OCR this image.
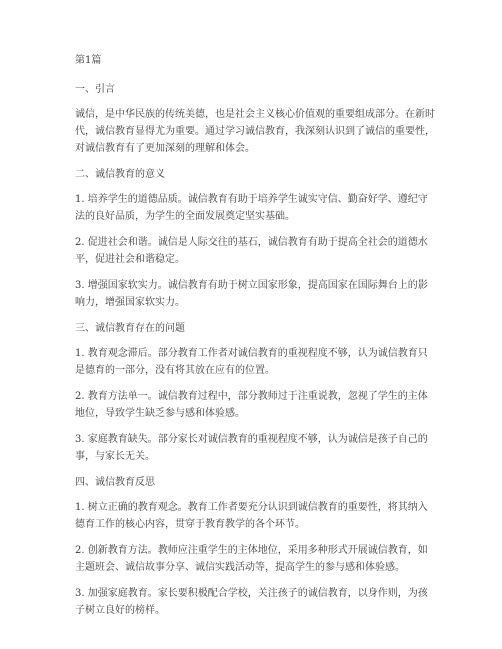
第1篇
一、引言
诚信，是中华民族的传统美德，也是社会主义核心价值观的重要组成部分。在新时
代，诚信教育显得尤为重要。通过学习诚信教育，我深刻认识到了诚信的重要性，
对诚信教育有了更加深刻的理解和体会。
二、诚信教育的意义
1. 培养学生的道德品质。诚信教育有助于培养学生诚实守信、勤奋好学、遵纪守
法的良好品质，为学生的全面发展奠定坚实基础。
2. 促进社会和谐。诚信是人际交往的基石，诚信教育有助于提高全社会的道德水
平，促进社会和谐稳定。
3. 增强国家软实力。诚信教育有助于树立国家形象，提高国家在国际舞台上的影
响力，增强国家软实力。
三、诚信教育存在的问题
1. 教育观念滞后。部分教育工作者对诚信教育的重视程度不够，认为诚信教育只
是德育的一部分，没有将其放在应有的位置。
2. 教育方法单一。诚信教育过程中，部分教师过于注重说教，忽视了学生的主体
地位，导致学生缺乏参与感和体验感。
3. 家庭教育缺失。部分家长对诚信教育的重视程度不够，认为诚信是孩子自己的
事，与家长无关。
四、诚信教育反思
1. 树立正确的教育观念。教育工作者要充分认识到诚信教育的重要性，将其纳入
德育工作的核心内容，贯穿于教育教学的各个环节。
2. 创新教育方法。教师应注重学生的主体地位，采用多种形式开展诚信教育，如
主题班会、诚信故事分享、诚信实践活动等，提高学生的参与感和体验感。
3. 加强家庭教育。家长要积极配合学校，关注孩子的诚信教育，以身作则，为孩
子树立良好的榜样。
